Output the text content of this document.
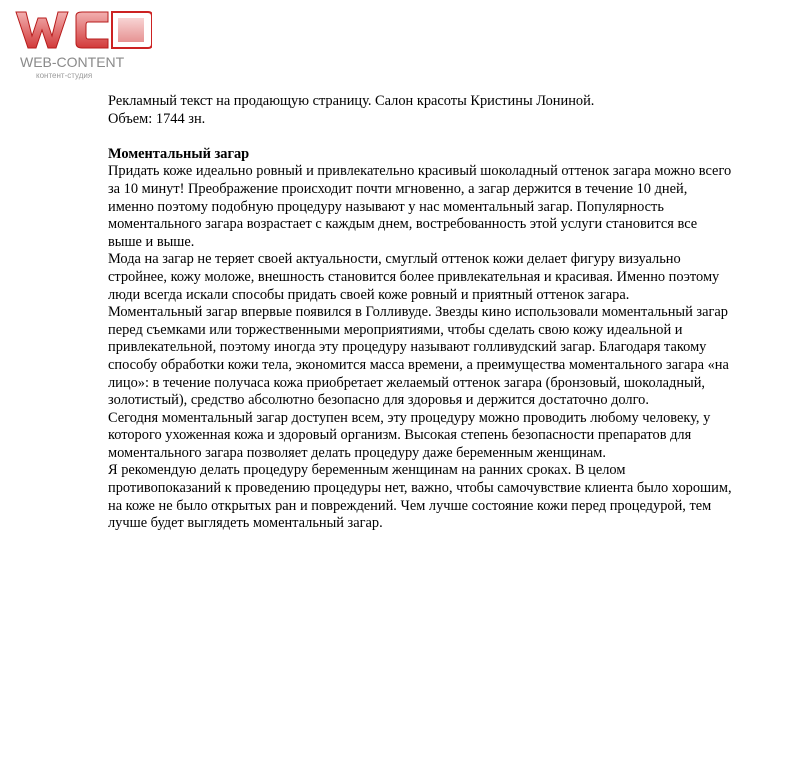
WEB-CONTENT
контент-студия

Рекламный текст на продающую страницу. Салон красоты Кристины Лониной.

Объем: 1744 зн.

Моментальный загар

Придать коже идеально ровный и привлекательно красивый шоколадный оттенок загара можно всего за 10 минут! Преображение происходит почти мгновенно, а загар держится в течение 10 дней, именно поэтому подобную процедуру называют у нас моментальный загар. Популярность моментального загара возрастает с каждым днем, востребованность этой услуги становится все выше и выше.

Мода на загар не теряет своей актуальности, смуглый оттенок кожи делает фигуру визуально стройнее, кожу моложе, внешность становится более привлекательная и красивая. Именно поэтому люди всегда искали способы придать своей коже ровный и приятный оттенок загара.

Моментальный загар впервые появился в Голливуде. Звезды кино использовали моментальный загар перед съемками или торжественными мероприятиями, чтобы сделать свою кожу идеальной и привлекательной, поэтому иногда эту процедуру называют голливудский загар. Благодаря такому способу обработки кожи тела, экономится масса времени, а преимущества моментального загара «на лицо»: в течение получаса кожа приобретает желаемый оттенок загара (бронзовый, шоколадный, золотистый), средство абсолютно безопасно для здоровья и держится достаточно долго.

Сегодня моментальный загар доступен всем, эту процедуру можно проводить любому человеку, у которого ухоженная кожа и здоровый организм. Высокая степень безопасности препаратов для моментального загара позволяет делать процедуру даже беременным женщинам.

Я рекомендую делать процедуру беременным женщинам на ранних сроках. В целом противопоказаний к проведению процедуры нет, важно, чтобы самочувствие клиента было хорошим, на коже не было открытых ран и повреждений. Чем лучше состояние кожи перед процедурой, тем лучше будет выглядеть моментальный загар.
